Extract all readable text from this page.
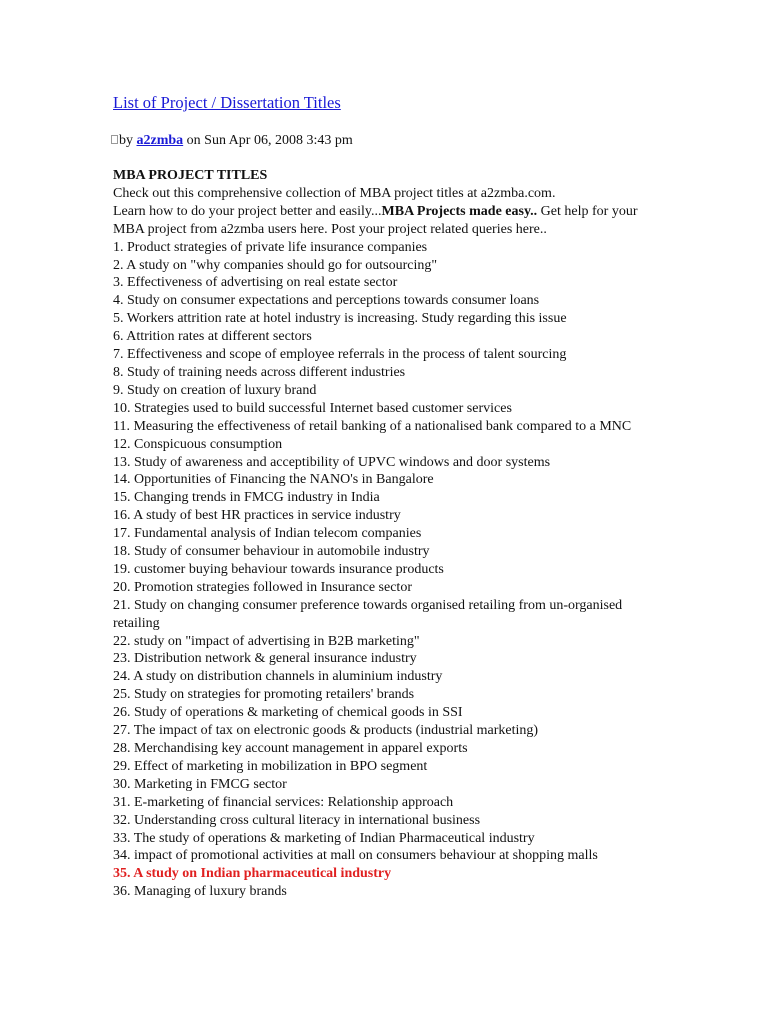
List of Project / Dissertation Titles
by a2zmba on Sun Apr 06, 2008 3:43 pm
MBA PROJECT TITLES
Check out this comprehensive collection of MBA project titles at a2zmba.com.
Learn how to do your project better and easily...MBA Projects made easy.. Get help for your MBA project from a2zmba users here. Post your project related queries here..
1. Product strategies of private life insurance companies
2. A study on "why companies should go for outsourcing"
3. Effectiveness of advertising on real estate sector
4. Study on consumer expectations and perceptions towards consumer loans
5. Workers attrition rate at hotel industry is increasing. Study regarding this issue
6. Attrition rates at different sectors
7. Effectiveness and scope of employee referrals in the process of talent sourcing
8. Study of training needs across different industries
9. Study on creation of luxury brand
10. Strategies used to build successful Internet based customer services
11. Measuring the effectiveness of retail banking of a nationalised bank compared to a MNC
12. Conspicuous consumption
13. Study of awareness and acceptibility of UPVC windows and door systems
14. Opportunities of Financing the NANO's in Bangalore
15. Changing trends in FMCG industry in India
16. A study of best HR practices in service industry
17. Fundamental analysis of Indian telecom companies
18. Study of consumer behaviour in automobile industry
19. customer buying behaviour towards insurance products
20. Promotion strategies followed in Insurance sector
21. Study on changing consumer preference towards organised retailing from un-organised retailing
22. study on "impact of advertising in B2B marketing"
23. Distribution network & general insurance industry
24. A study on distribution channels in aluminium industry
25. Study on strategies for promoting retailers' brands
26. Study of operations & marketing of chemical goods in SSI
27. The impact of tax on electronic goods & products (industrial marketing)
28. Merchandising key account management in apparel exports
29. Effect of marketing in mobilization in BPO segment
30. Marketing in FMCG sector
31. E-marketing of financial services: Relationship approach
32. Understanding cross cultural literacy in international business
33. The study of operations & marketing of Indian Pharmaceutical industry
34. impact of promotional activities at mall on consumers behaviour at shopping malls
35. A study on Indian pharmaceutical industry
36. Managing of luxury brands
